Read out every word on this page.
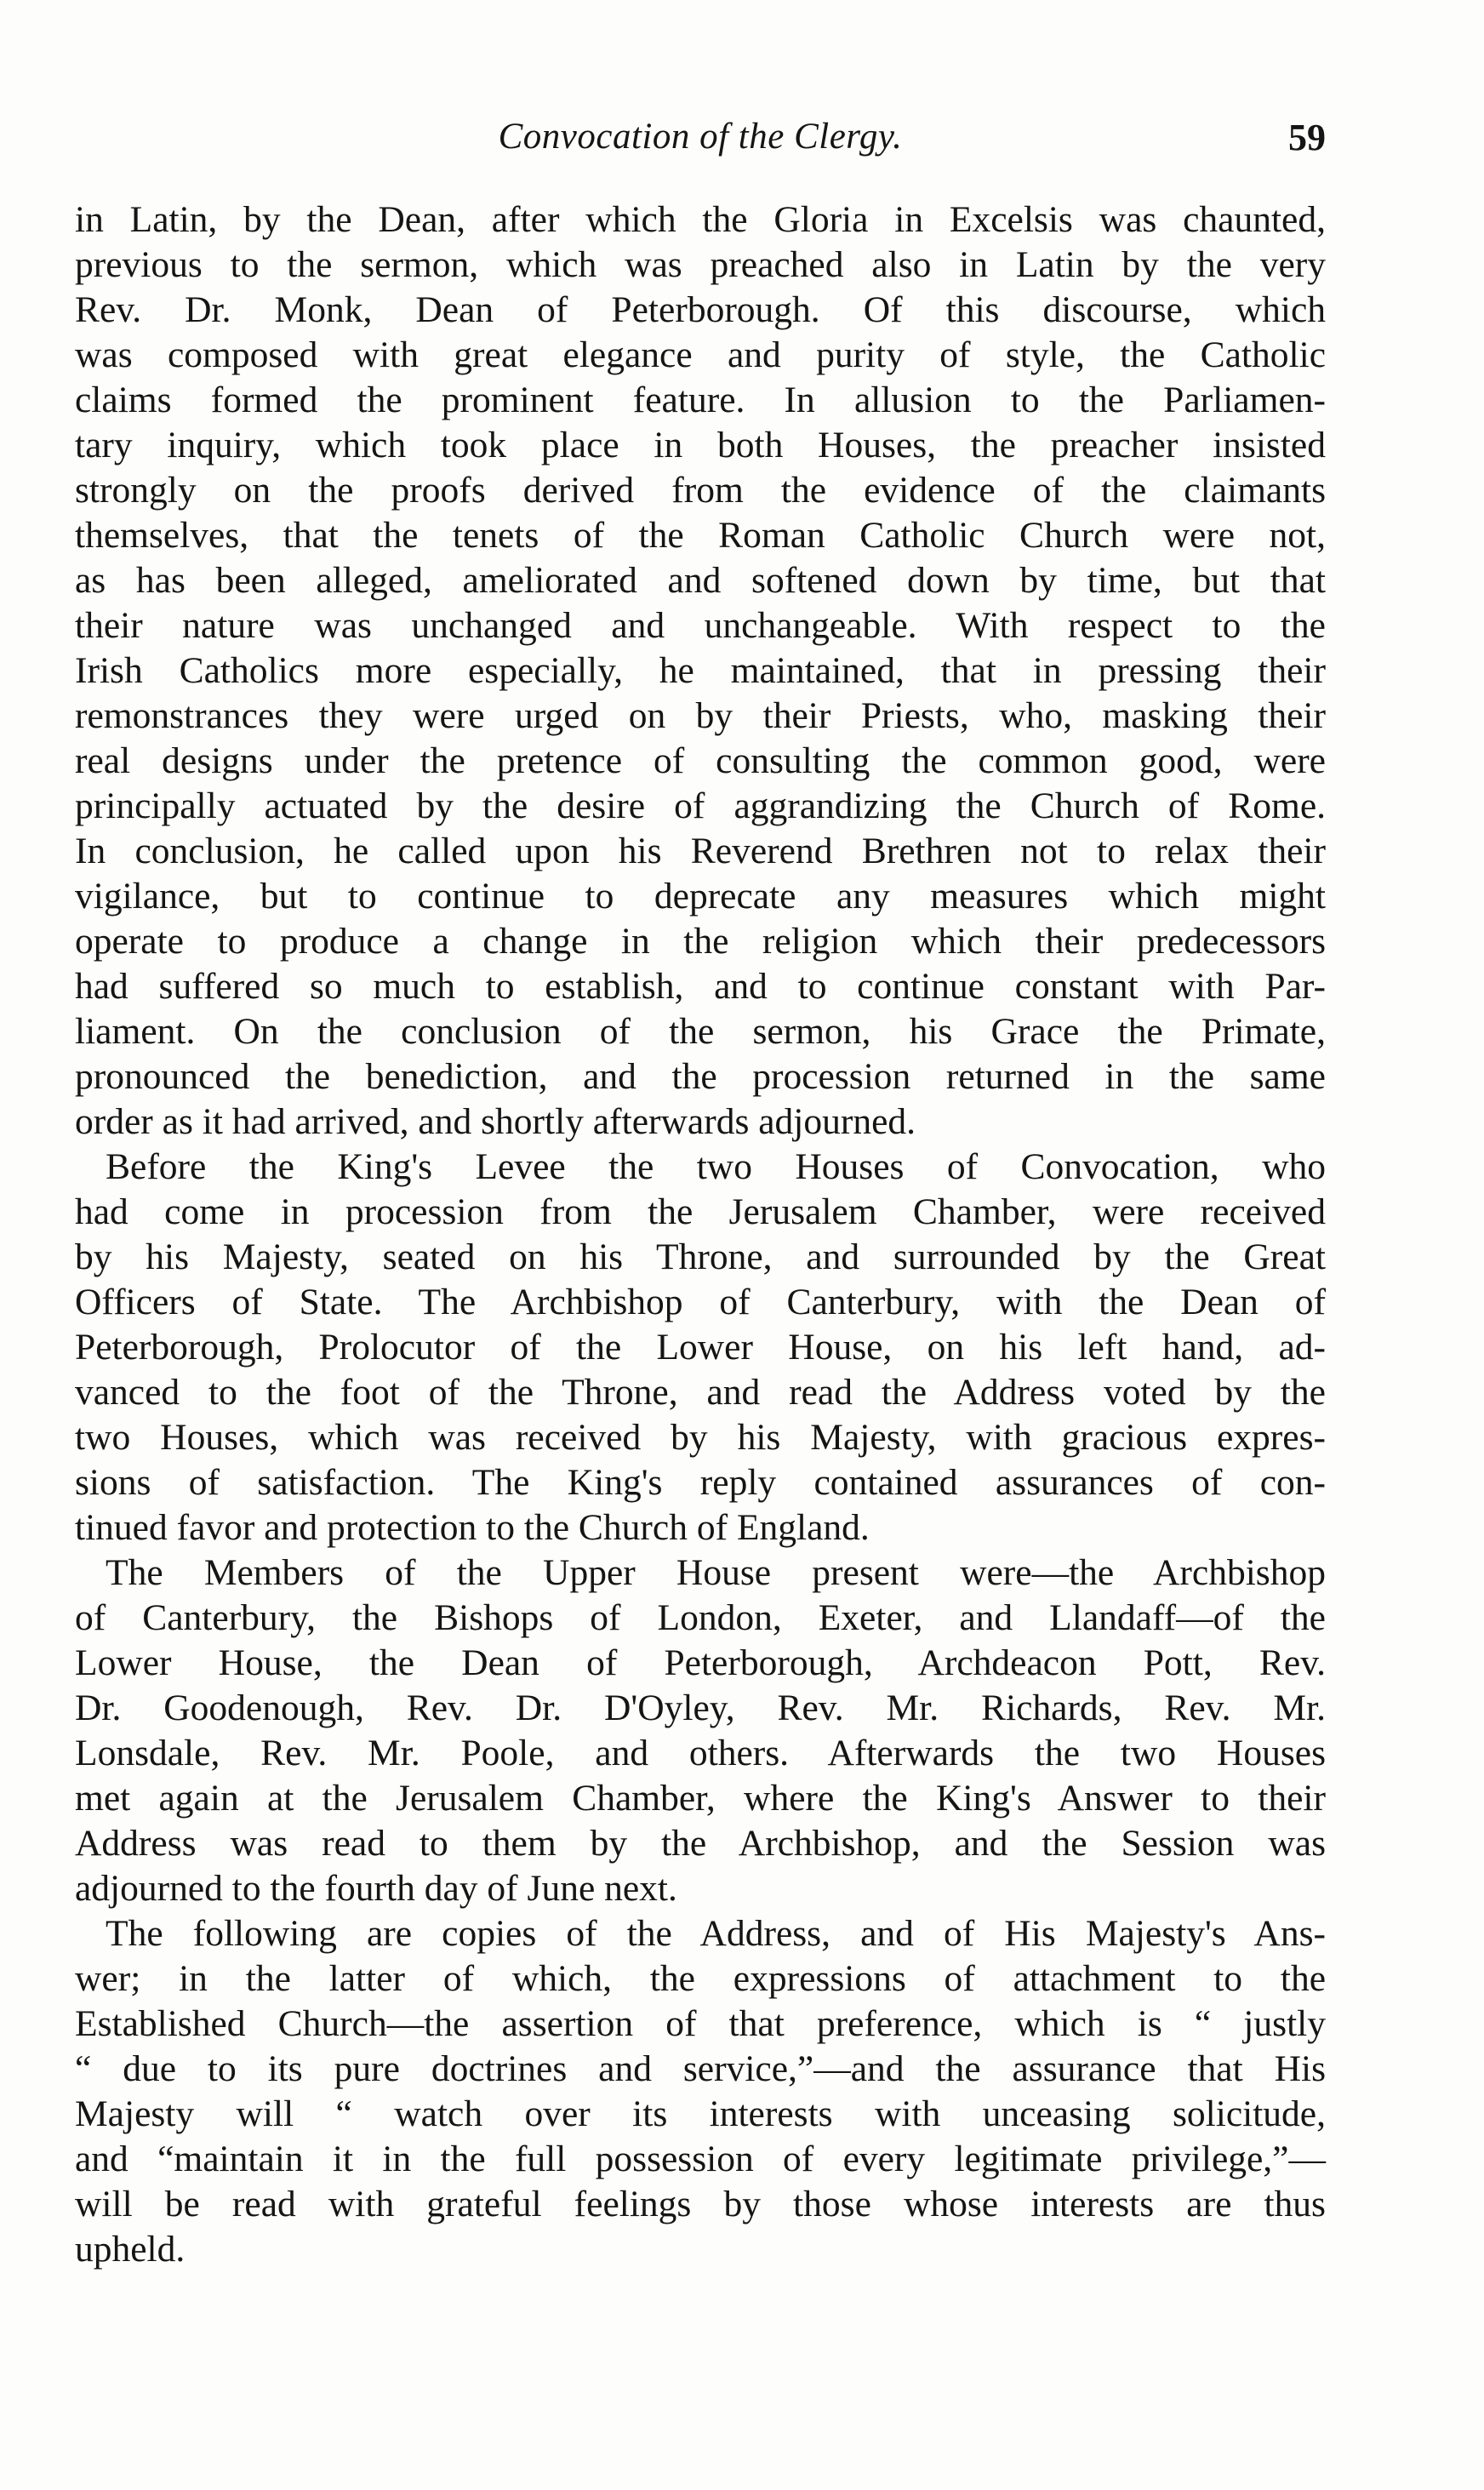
Convocation of the Clergy.	59
in Latin, by the Dean, after which the Gloria in Excelsis was chaunted,
previous to the sermon, which was preached also in Latin by the very
Rev. Dr. Monk, Dean of Peterborough. Of this discourse, which
was composed with great elegance and purity of style, the Catholic
claims formed the prominent feature. In allusion to the Parliamen-
tary inquiry, which took place in both Houses, the preacher insisted
strongly on the proofs derived from the evidence of the claimants
themselves, that the tenets of the Roman Catholic Church were not,
as has been alleged, ameliorated and softened down by time, but that
their nature was unchanged and unchangeable. With respect to the
Irish Catholics more especially, he maintained, that in pressing their
remonstrances they were urged on by their Priests, who, masking their
real designs under the pretence of consulting the common good, were
principally actuated by the desire of aggrandizing the Church of Rome.
In conclusion, he called upon his Reverend Brethren not to relax their
vigilance, but to continue to deprecate any measures which might
operate to produce a change in the religion which their predecessors
had suffered so much to establish, and to continue constant with Par-
liament. On the conclusion of the sermon, his Grace the Primate,
pronounced the benediction, and the procession returned in the same
order as it had arrived, and shortly afterwards adjourned.
Before the King's Levee the two Houses of Convocation, who
had come in procession from the Jerusalem Chamber, were received
by his Majesty, seated on his Throne, and surrounded by the Great
Officers of State. The Archbishop of Canterbury, with the Dean of
Peterborough, Prolocutor of the Lower House, on his left hand, ad-
vanced to the foot of the Throne, and read the Address voted by the
two Houses, which was received by his Majesty, with gracious expres-
sions of satisfaction. The King's reply contained assurances of con-
tinued favor and protection to the Church of England.
The Members of the Upper House present were—the Archbishop
of Canterbury, the Bishops of London, Exeter, and Llandaff—of the
Lower House, the Dean of Peterborough, Archdeacon Pott, Rev.
Dr. Goodenough, Rev. Dr. D'Oyley, Rev. Mr. Richards, Rev. Mr.
Lonsdale, Rev. Mr. Poole, and others. Afterwards the two Houses
met again at the Jerusalem Chamber, where the King's Answer to their
Address was read to them by the Archbishop, and the Session was
adjourned to the fourth day of June next.
The following are copies of the Address, and of His Majesty's Ans-
wer; in the latter of which, the expressions of attachment to the
Established Church—the assertion of that preference, which is “ justly
“ due to its pure doctrines and service,”—and the assurance that His
Majesty will “ watch over its interests with unceasing solicitude,
and “maintain it in the full possession of every legitimate privilege,”—
will be read with grateful feelings by those whose interests are thus
upheld.
